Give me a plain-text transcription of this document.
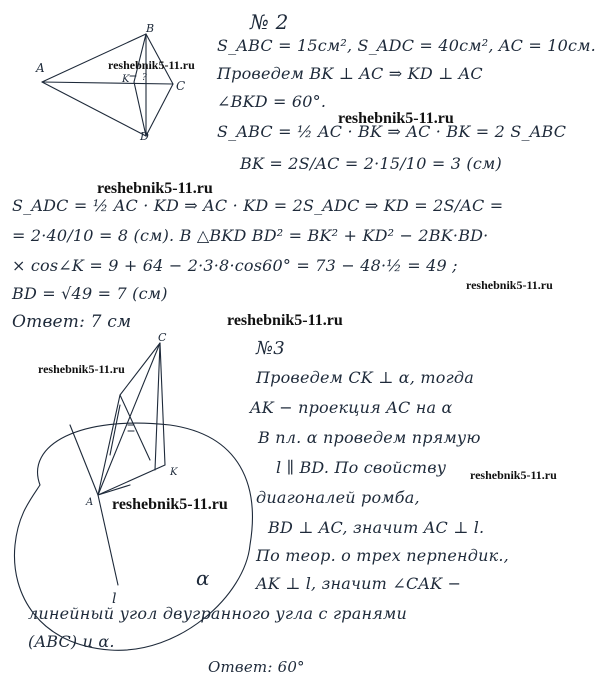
A
B
C
D
K ?
№ 2
S_ABC = 15см², S_ADC = 40см², AC = 10см.
Проведем BK ⊥ AC ⇒ KD ⊥ AC
∠BKD = 60°.
S_ABC = ½ AC · BK ⇒ AC · BK = 2 S_ABC
BK = 2S/AC = 2·15/10 = 3 (см)
S_ADC = ½ AC · KD ⇒ AC · KD = 2S_ADC ⇒ KD = 2S/AC =
= 2·40/10 = 8 (см). В △BKD BD² = BK² + KD² − 2BK·BD·
× cos∠K = 9 + 64 − 2·3·8·cos60° = 73 − 48·½ = 49 ;
BD = √49 = 7 (см)
Ответ: 7 см
C
A
K
l
α
№3
Проведем CK ⊥ α, тогда
AK − проекция AC на α
В пл. α проведем прямую
l ∥ BD. По свойству
диагоналей ромба,
BD ⊥ AC, значит AC ⊥ l.
По теор. о трех перпендик.,
AK ⊥ l, значит ∠CAK −
линейный угол двугранного угла с гранями
(ABC) и α.
Ответ: 60°
reshebnik5-11.ru
reshebnik5-11.ru
reshebnik5-11.ru
reshebnik5-11.ru
reshebnik5-11.ru
reshebnik5-11.ru
reshebnik5-11.ru
reshebnik5-11.ru
